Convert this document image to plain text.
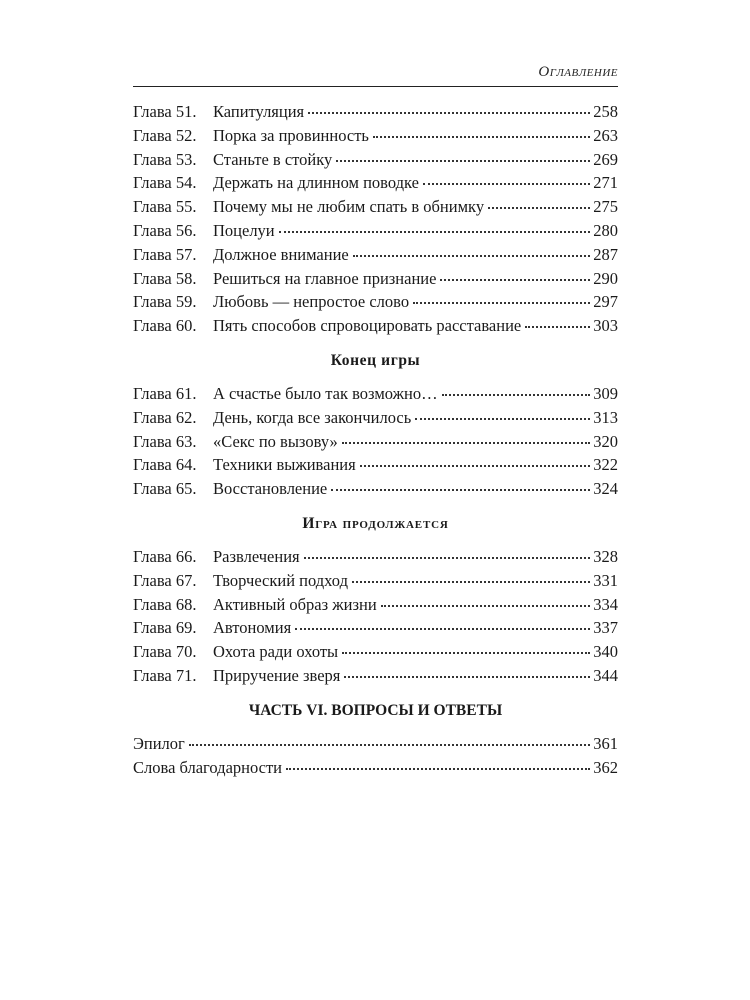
Оглавление
Глава 51. Капитуляция	258
Глава 52. Порка за провинность	263
Глава 53. Станьте в стойку	269
Глава 54. Держать на длинном поводке	271
Глава 55. Почему мы не любим спать в обнимку	275
Глава 56. Поцелуи	280
Глава 57. Должное внимание	287
Глава 58. Решиться на главное признание	290
Глава 59. Любовь — непростое слово	297
Глава 60. Пять способов спровоцировать расставание	303
Конец игры
Глава 61. А счастье было так возможно…	309
Глава 62. День, когда все закончилось	313
Глава 63. «Секс по вызову»	320
Глава 64. Техники выживания	322
Глава 65. Восстановление	324
Игра продолжается
Глава 66. Развлечения	328
Глава 67. Творческий подход	331
Глава 68. Активный образ жизни	334
Глава 69. Автономия	337
Глава 70. Охота ради охоты	340
Глава 71. Приручение зверя	344
ЧАСТЬ VI. ВОПРОСЫ И ОТВЕТЫ
Эпилог	361
Слова благодарности	362
